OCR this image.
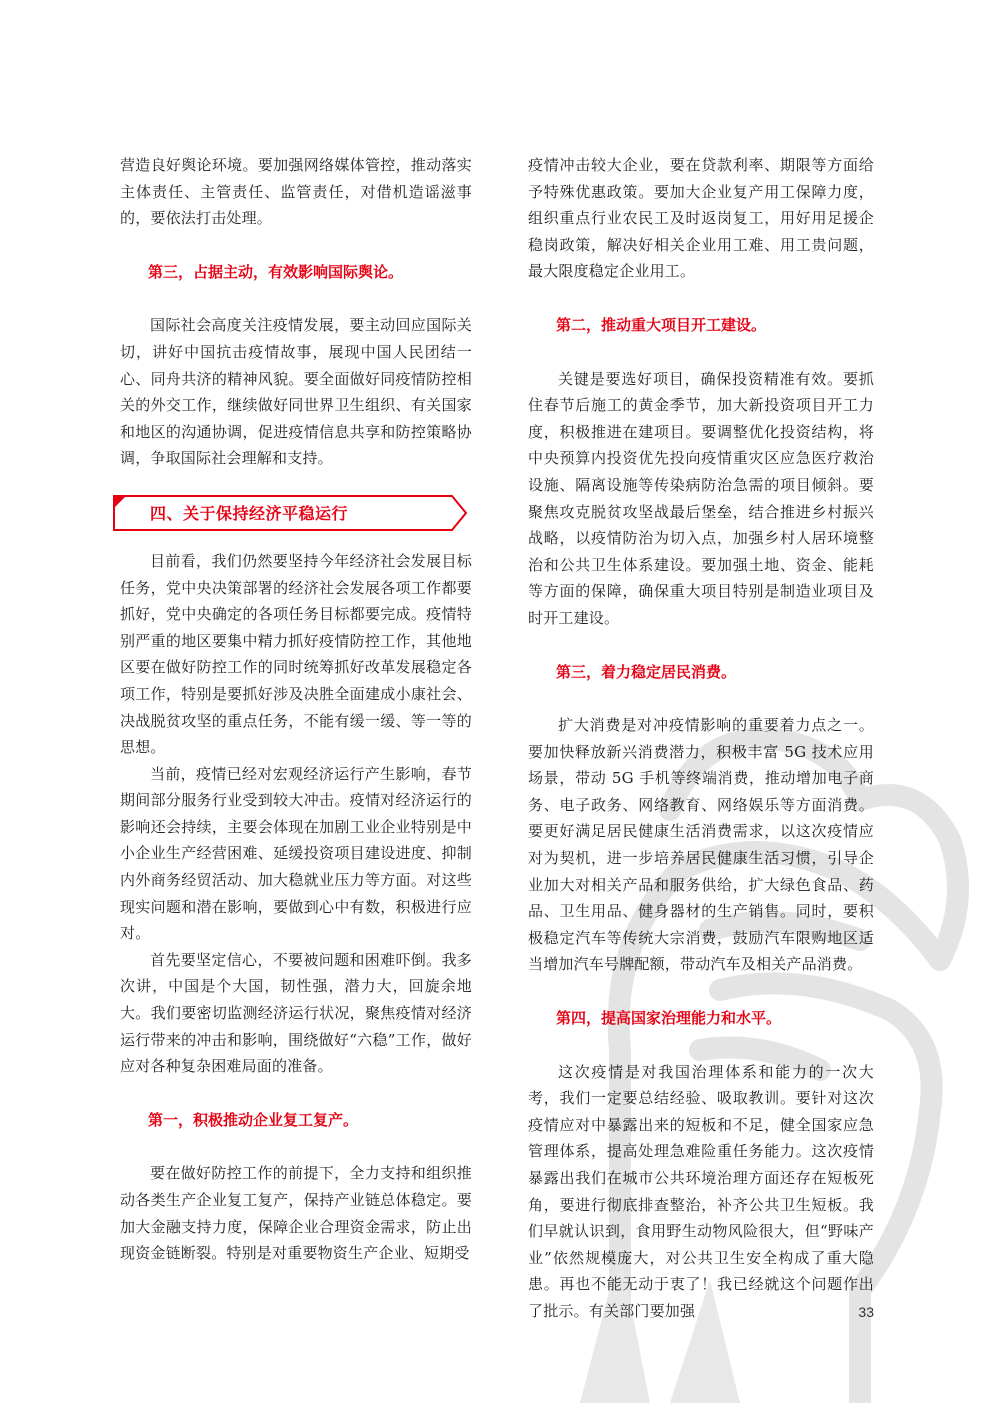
营造良好舆论环境。要加强网络媒体管控，推动落实主体责任、主管责任、监管责任，对借机造谣滋事的，要依法打击处理。

第三，占据主动，有效影响国际舆论。

国际社会高度关注疫情发展，要主动回应国际关切，讲好中国抗击疫情故事，展现中国人民团结一心、同舟共济的精神风貌。要全面做好同疫情防控相关的外交工作，继续做好同世界卫生组织、有关国家和地区的沟通协调，促进疫情信息共享和防控策略协调，争取国际社会理解和支持。

四、关于保持经济平稳运行

目前看，我们仍然要坚持今年经济社会发展目标任务，党中央决策部署的经济社会发展各项工作都要抓好，党中央确定的各项任务目标都要完成。疫情特别严重的地区要集中精力抓好疫情防控工作，其他地区要在做好防控工作的同时统筹抓好改革发展稳定各项工作，特别是要抓好涉及决胜全面建成小康社会、决战脱贫攻坚的重点任务，不能有缓一缓、等一等的思想。

当前，疫情已经对宏观经济运行产生影响，春节期间部分服务行业受到较大冲击。疫情对经济运行的影响还会持续，主要会体现在加剧工业企业特别是中小企业生产经营困难、延缓投资项目建设进度、抑制内外商务经贸活动、加大稳就业压力等方面。对这些现实问题和潜在影响，要做到心中有数，积极进行应对。

首先要坚定信心，不要被问题和困难吓倒。我多次讲，中国是个大国，韧性强，潜力大，回旋余地大。我们要密切监测经济运行状况，聚焦疫情对经济运行带来的冲击和影响，围绕做好“六稳”工作，做好应对各种复杂困难局面的准备。

第一，积极推动企业复工复产。

要在做好防控工作的前提下，全力支持和组织推动各类生产企业复工复产，保持产业链总体稳定。要加大金融支持力度，保障企业合理资金需求，防止出现资金链断裂。特别是对重要物资生产企业、短期受

疫情冲击较大企业，要在贷款利率、期限等方面给予特殊优惠政策。要加大企业复产用工保障力度，组织重点行业农民工及时返岗复工，用好用足援企稳岗政策，解决好相关企业用工难、用工贵问题，最大限度稳定企业用工。

第二，推动重大项目开工建设。

关键是要选好项目，确保投资精准有效。要抓住春节后施工的黄金季节，加大新投资项目开工力度，积极推进在建项目。要调整优化投资结构，将中央预算内投资优先投向疫情重灾区应急医疗救治设施、隔离设施等传染病防治急需的项目倾斜。要聚焦攻克脱贫攻坚战最后堡垒，结合推进乡村振兴战略，以疫情防治为切入点，加强乡村人居环境整治和公共卫生体系建设。要加强土地、资金、能耗等方面的保障，确保重大项目特别是制造业项目及时开工建设。

第三，着力稳定居民消费。

扩大消费是对冲疫情影响的重要着力点之一。要加快释放新兴消费潜力，积极丰富 5G 技术应用场景，带动 5G 手机等终端消费，推动增加电子商务、电子政务、网络教育、网络娱乐等方面消费。要更好满足居民健康生活消费需求，以这次疫情应对为契机，进一步培养居民健康生活习惯，引导企业加大对相关产品和服务供给，扩大绿色食品、药品、卫生用品、健身器材的生产销售。同时，要积极稳定汽车等传统大宗消费，鼓励汽车限购地区适当增加汽车号牌配额，带动汽车及相关产品消费。

第四，提高国家治理能力和水平。

这次疫情是对我国治理体系和能力的一次大考，我们一定要总结经验、吸取教训。要针对这次疫情应对中暴露出来的短板和不足，健全国家应急管理体系，提高处理急难险重任务能力。这次疫情暴露出我们在城市公共环境治理方面还存在短板死角，要进行彻底排查整治，补齐公共卫生短板。我们早就认识到，食用野生动物风险很大，但“野味产业”依然规模庞大，对公共卫生安全构成了重大隐患。再也不能无动于衷了！我已经就这个问题作出了批示。有关部门要加强	33
